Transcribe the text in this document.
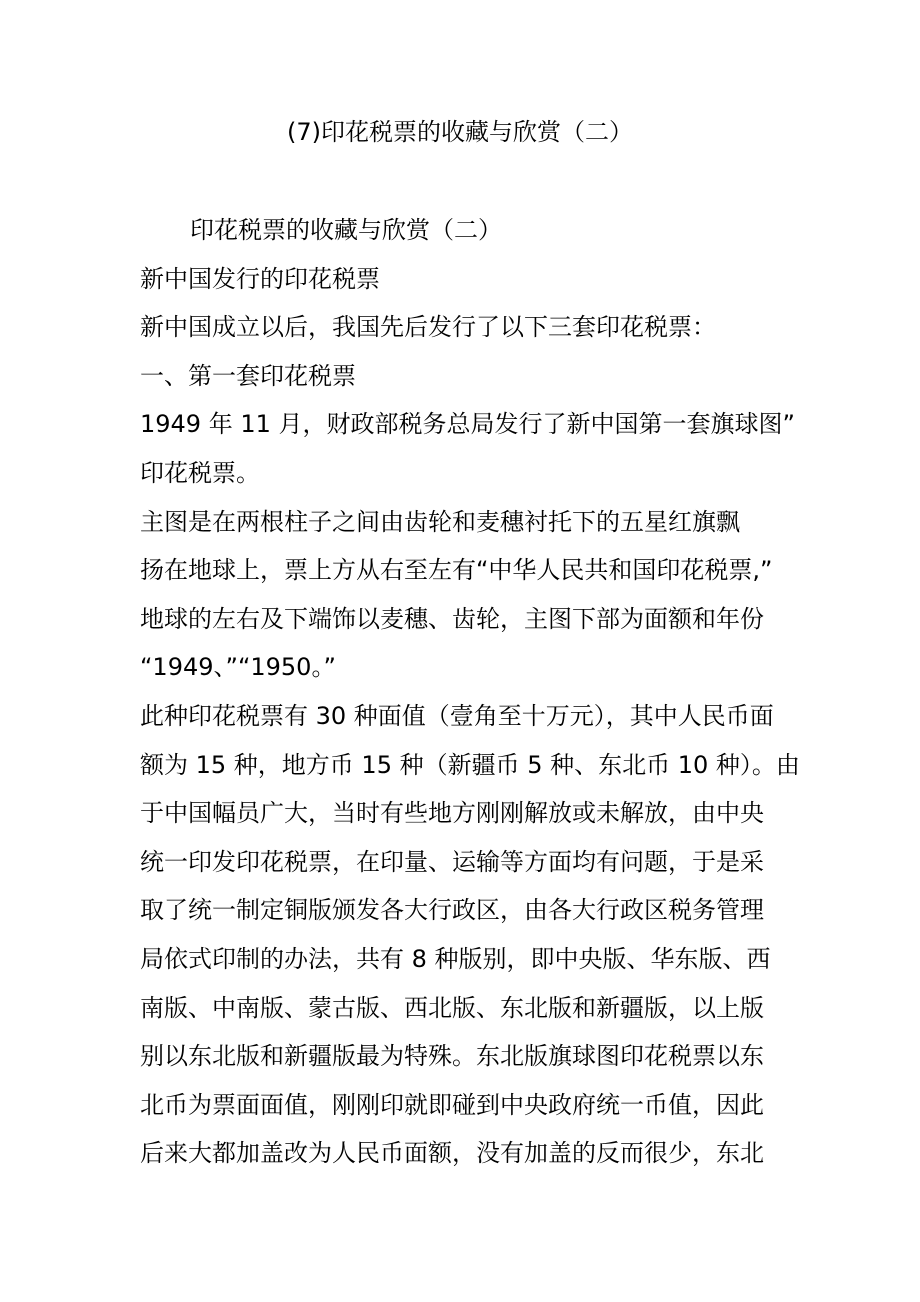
(7)印花税票的收藏与欣赏（二）
印花税票的收藏与欣赏（二）
新中国发行的印花税票
新中国成立以后，我国先后发行了以下三套印花税票：
一、第一套印花税票
1949 年 11 月，财政部税务总局发行了新中国第一套旗球图”
印花税票。
主图是在两根柱子之间由齿轮和麦穗衬托下的五星红旗飘
扬在地球上，票上方从右至左有“中华人民共和国印花税票,”
地球的左右及下端饰以麦穗、齿轮，主图下部为面额和年份
“1949、”“1950。”
此种印花税票有 30 种面值（壹角至十万元），其中人民币面
额为 15 种，地方币 15 种（新疆币 5 种、东北币 10 种）。由
于中国幅员广大，当时有些地方刚刚解放或未解放，由中央
统一印发印花税票，在印量、运输等方面均有问题，于是采
取了统一制定铜版颁发各大行政区，由各大行政区税务管理
局依式印制的办法，共有 8 种版别，即中央版、华东版、西
南版、中南版、蒙古版、西北版、东北版和新疆版，以上版
别以东北版和新疆版最为特殊。东北版旗球图印花税票以东
北币为票面面值，刚刚印就即碰到中央政府统一币值，因此
后来大都加盖改为人民币面额，没有加盖的反而很少，东北
